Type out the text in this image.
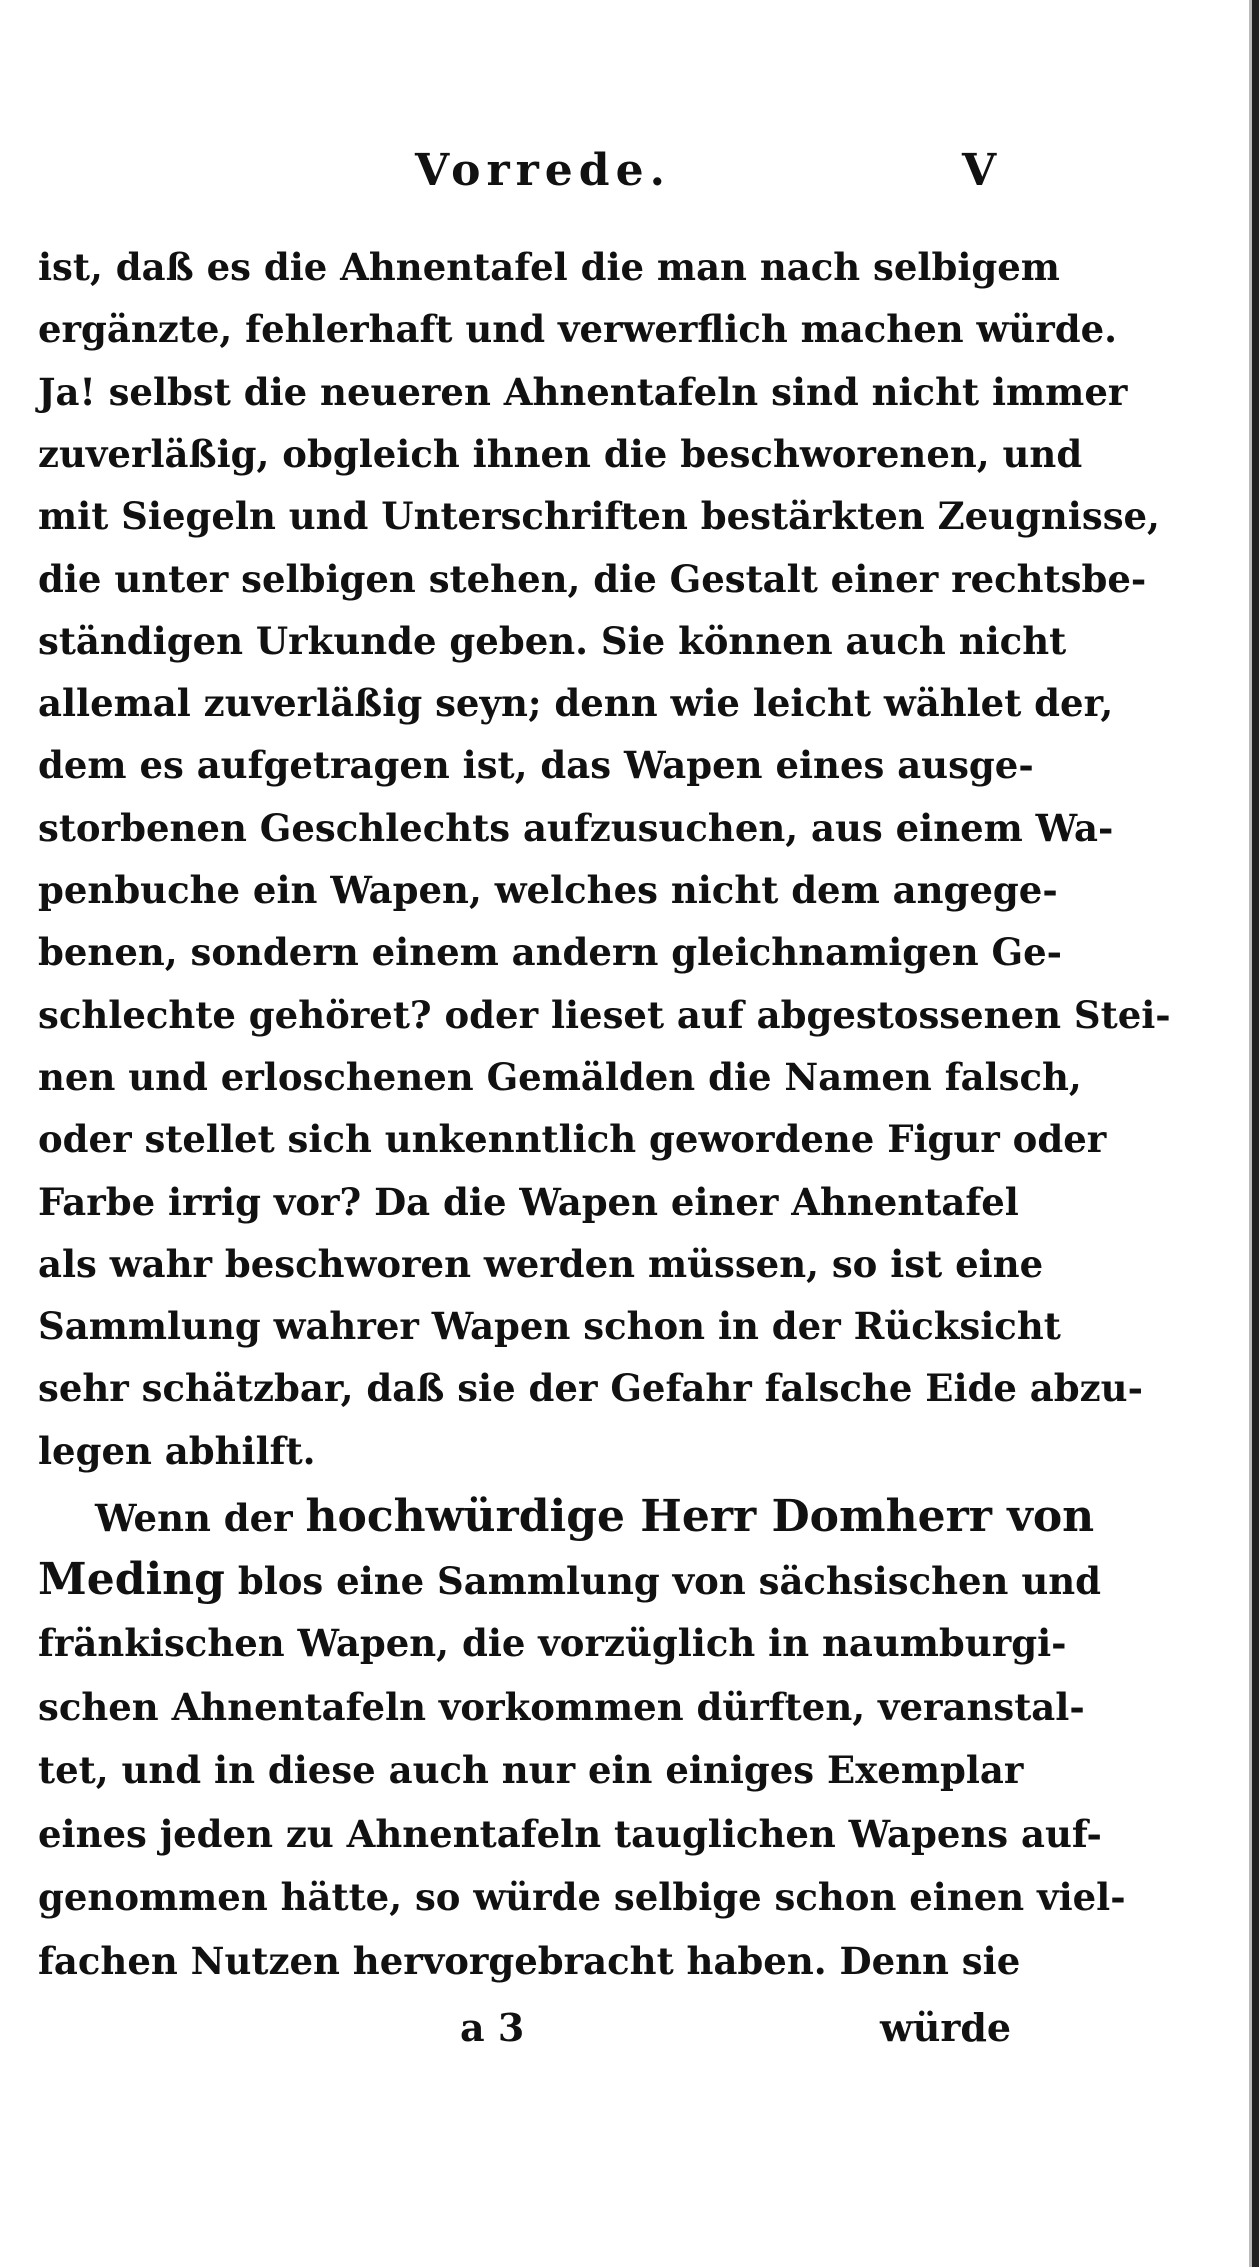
Vorrede.	V
ist, daß es die Ahnentafel die man nach selbigem
ergänzte, fehlerhaft und verwerflich machen würde.
Ja! selbst die neueren Ahnentafeln sind nicht immer
zuverläßig, obgleich ihnen die beschworenen, und
mit Siegeln und Unterschriften bestärkten Zeugnisse,
die unter selbigen stehen, die Gestalt einer rechtsbe-
ständigen Urkunde geben. Sie können auch nicht
allemal zuverläßig seyn; denn wie leicht wählet der,
dem es aufgetragen ist, das Wapen eines ausge-
storbenen Geschlechts aufzusuchen, aus einem Wa-
penbuche ein Wapen, welches nicht dem angege-
benen, sondern einem andern gleichnamigen Ge-
schlechte gehöret? oder lieset auf abgestossenen Stei-
nen und erloschenen Gemälden die Namen falsch,
oder stellet sich unkenntlich gewordene Figur oder
Farbe irrig vor? Da die Wapen einer Ahnentafel
als wahr beschworen werden müssen, so ist eine
Sammlung wahrer Wapen schon in der Rücksicht
sehr schätzbar, daß sie der Gefahr falsche Eide abzu-
legen abhilft.
Wenn der hochwürdige Herr Domherr von
Meding blos eine Sammlung von sächsischen und
fränkischen Wapen, die vorzüglich in naumburgi-
schen Ahnentafeln vorkommen dürften, veranstal-
tet, und in diese auch nur ein einiges Exemplar
eines jeden zu Ahnentafeln tauglichen Wapens auf-
genommen hätte, so würde selbige schon einen viel-
fachen Nutzen hervorgebracht haben. Denn sie
a 3	würde
